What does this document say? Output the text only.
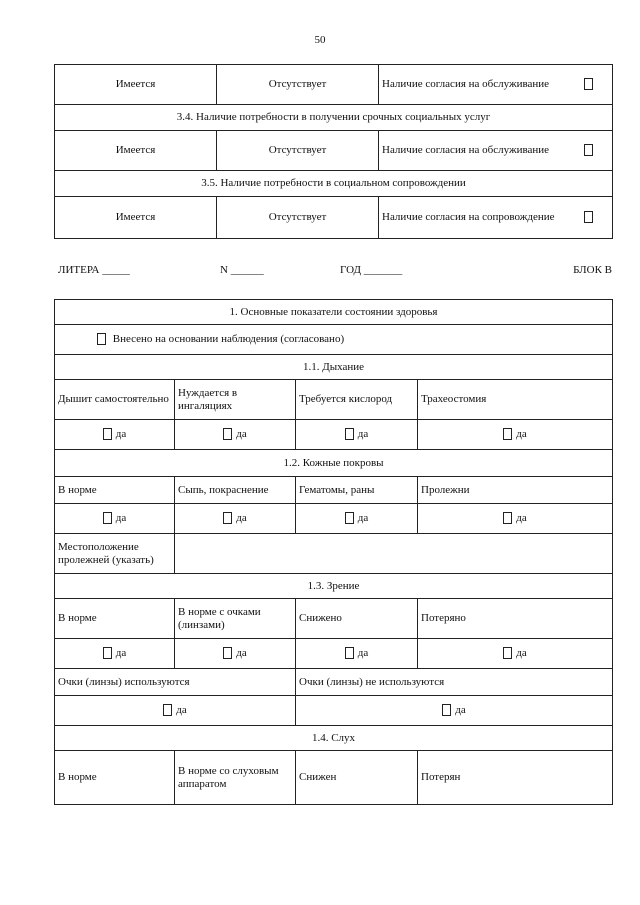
50
Имеется	Отсутствует	Наличие согласия на обслуживание	
3.4. Наличие потребности в получении срочных социальных услуг			
Имеется	Отсутствует	Наличие согласия на обслуживание	
3.5. Наличие потребности в социальном сопровождении			
Имеется	Отсутствует	Наличие согласия на сопровождение	
ЛИТЕРА _____	N ______	ГОД _______	БЛОК В
1. Основные показатели состоянии здоровья			
Внесено на основании наблюдения (согласовано)			
1.1. Дыхание			
Дышит самостоятельно	Нуждается в ингаляциях	Требуется кислород	Трахеостомия
да	да	да	да
1.2. Кожные покровы			
В норме	Сыпь, покраснение	Гематомы, раны	Пролежни
да	да	да	да
Местоположение пролежней (указать)			
1.3. Зрение			
В норме	В норме с очками (линзами)	Снижено	Потеряно
да	да	да	да
Очки (линзы) используются		Очки (линзы) не используются	
да		да	
1.4. Слух			
В норме	В норме со слуховым аппаратом	Снижен	Потерян
